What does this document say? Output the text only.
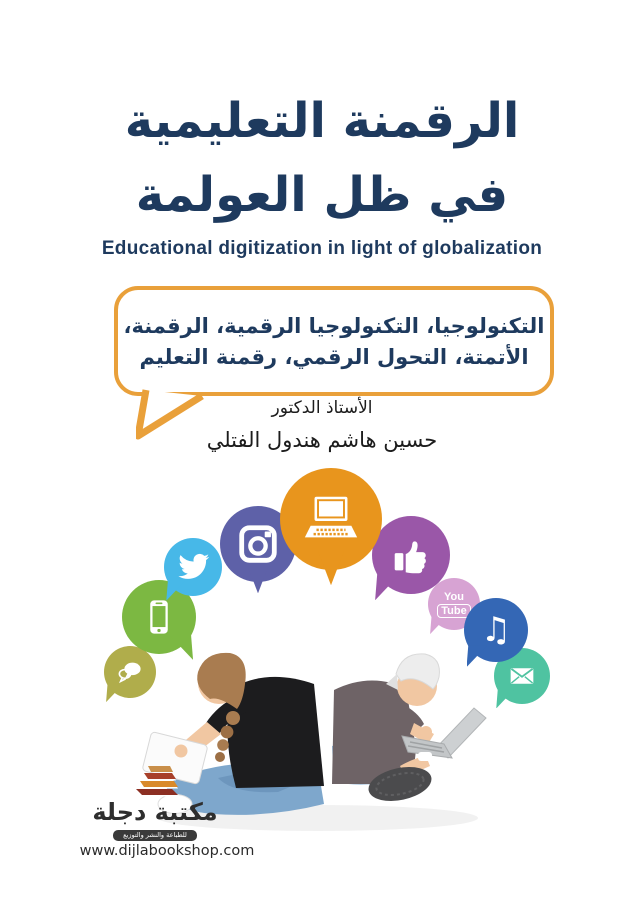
الرقمنة التعليمية
في ظل العولمة
Educational digitization in light of globalization
التكنولوجيا، التكنولوجيا الرقمية، الرقمنة،
الأتمتة، التحول الرقمي، رقمنة التعليم
الأستاذ الدكتور
حسين هاشم هندول الفتلي
You
Tube ♫
مكتبة دجلة
للطباعة والنشر والتوزيع
www.dijlabookshop.com
